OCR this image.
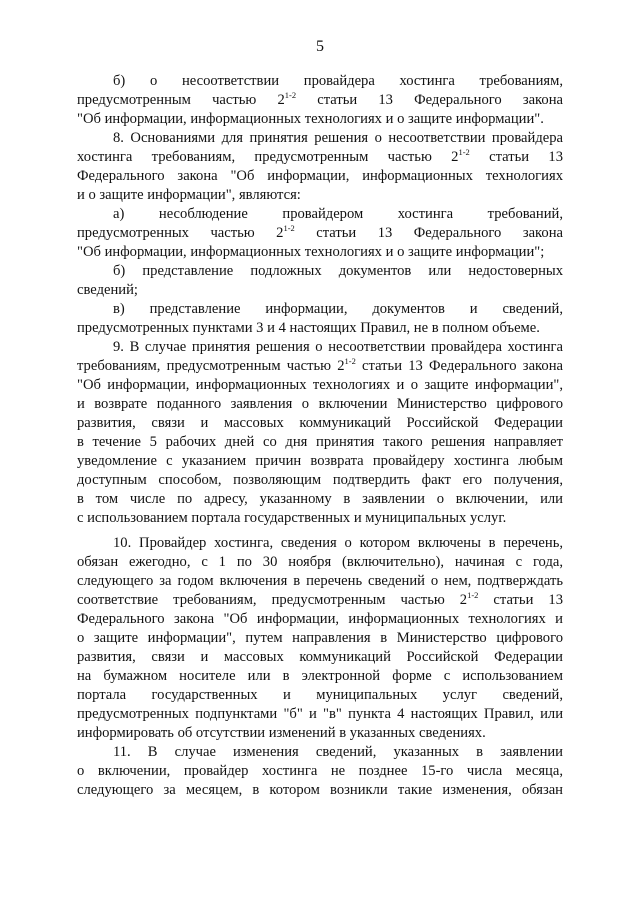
5
б) о несоответствии провайдера хостинга требованиям,
предусмотренным частью 2$^{1-2}$ статьи 13 Федерального закона
"Об информации, информационных технологиях и о защите информации".
8. Основаниями для принятия решения о несоответствии провайдера
хостинга требованиям, предусмотренным частью 2$^{1-2}$ статьи 13
Федерального закона "Об информации, информационных технологиях
и о защите информации", являются:
а) несоблюдение провайдером хостинга требований,
предусмотренных частью 2$^{1-2}$ статьи 13 Федерального закона
"Об информации, информационных технологиях и о защите информации";
б) представление подложных документов или недостоверных
сведений;
в) представление информации, документов и сведений,
предусмотренных пунктами 3 и 4 настоящих Правил, не в полном объеме.
9. В случае принятия решения о несоответствии провайдера хостинга
требованиям, предусмотренным частью 2$^{1-2}$ статьи 13 Федерального закона
"Об информации, информационных технологиях и о защите информации",
и возврате поданного заявления о включении Министерство цифрового
развития, связи и массовых коммуникаций Российской Федерации
в течение 5 рабочих дней со дня принятия такого решения направляет
уведомление с указанием причин возврата провайдеру хостинга любым
доступным способом, позволяющим подтвердить факт его получения,
в том числе по адресу, указанному в заявлении о включении, или
с использованием портала государственных и муниципальных услуг.
10. Провайдер хостинга, сведения о котором включены в перечень,
обязан ежегодно, с 1 по 30 ноября (включительно), начиная с года,
следующего за годом включения в перечень сведений о нем, подтверждать
соответствие требованиям, предусмотренным частью 2$^{1-2}$ статьи 13
Федерального закона "Об информации, информационных технологиях и
о защите информации", путем направления в Министерство цифрового
развития, связи и массовых коммуникаций Российской Федерации
на бумажном носителе или в электронной форме с использованием
портала государственных и муниципальных услуг сведений,
предусмотренных подпунктами "б" и "в" пункта 4 настоящих Правил, или
информировать об отсутствии изменений в указанных сведениях.
11. В случае изменения сведений, указанных в заявлении
о включении, провайдер хостинга не позднее 15-го числа месяца,
следующего за месяцем, в котором возникли такие изменения, обязан
